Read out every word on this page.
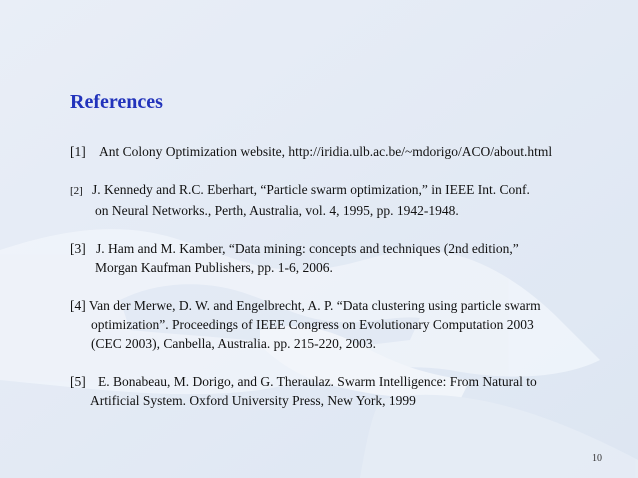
References
[1] Ant Colony Optimization website, http://iridia.ulb.ac.be/~mdorigo/ACO/about.html
[2] J. Kennedy and R.C. Eberhart, “Particle swarm optimization,” in IEEE Int. Conf.
on Neural Networks., Perth, Australia, vol. 4, 1995, pp. 1942-1948.
[3] J. Ham and M. Kamber, “Data mining: concepts and techniques (2nd edition,”
Morgan Kaufman Publishers, pp. 1-6, 2006.
[4] Van der Merwe, D. W. and Engelbrecht, A. P. “Data clustering using particle swarm
optimization”. Proceedings of IEEE Congress on Evolutionary Computation 2003
(CEC 2003), Canbella, Australia. pp. 215-220, 2003.
[5] E. Bonabeau, M. Dorigo, and G. Theraulaz. Swarm Intelligence: From Natural to
Artificial System. Oxford University Press, New York, 1999
10
